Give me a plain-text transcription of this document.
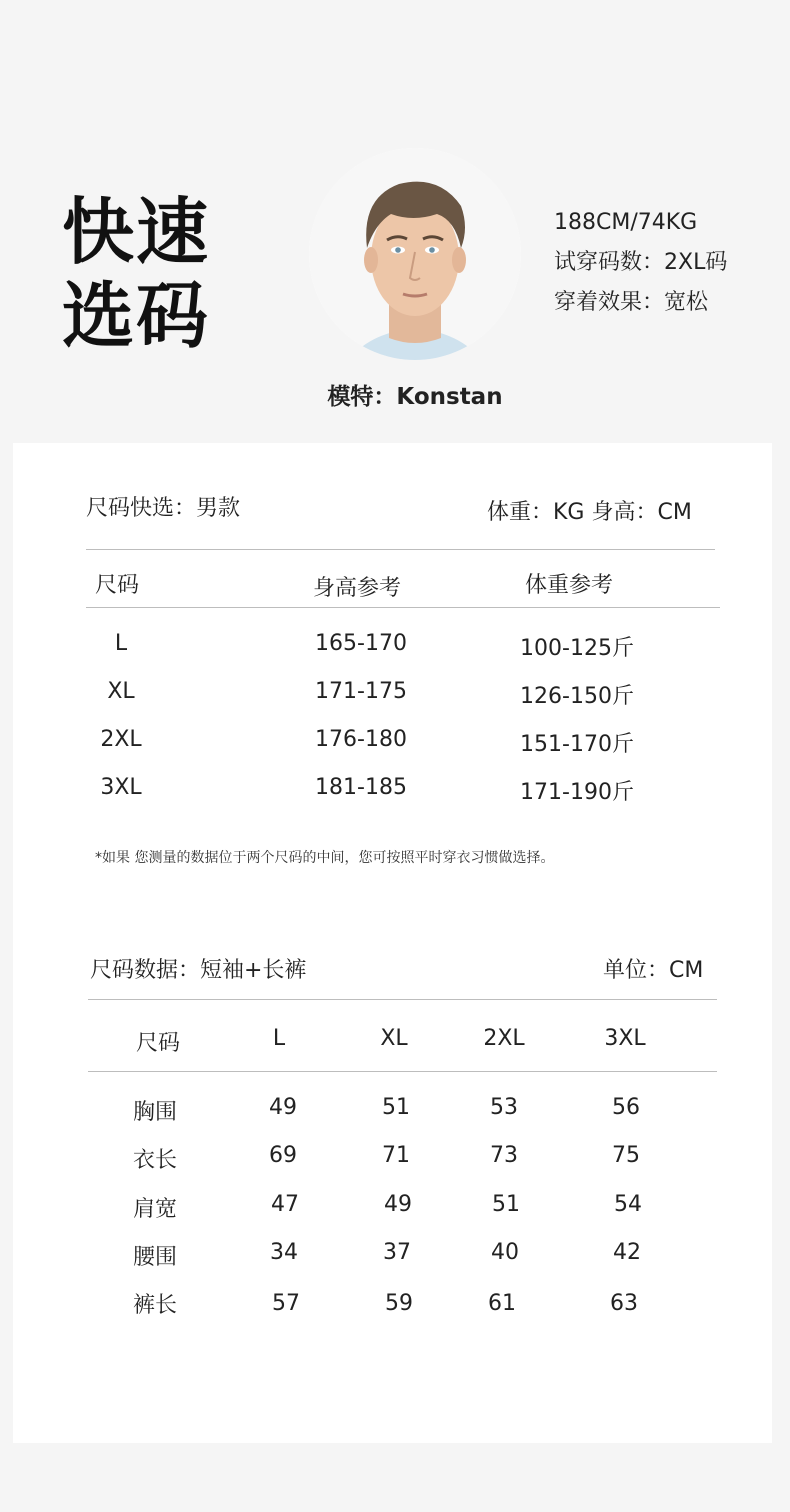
快速
选码
188CM/74KG
试穿码数：2XL码
穿着效果：宽松
模特：Konstan
尺码快选：男款	体重：KG 身高：CM
尺码	身高参考	体重参考
L	165-170	100-125斤
XL	171-175	126-150斤
2XL	176-180	151-170斤
3XL	181-185	171-190斤
*如果 您测量的数据位于两个尺码的中间，您可按照平时穿衣习惯做选择。
尺码数据：短袖+长裤	单位：CM
尺码	L	XL	2XL	3XL
胸围	49	51	53	56
衣长	69	71	73	75
肩宽	47	49	51	54
腰围	34	37	40	42
裤长	57	59	61	63
